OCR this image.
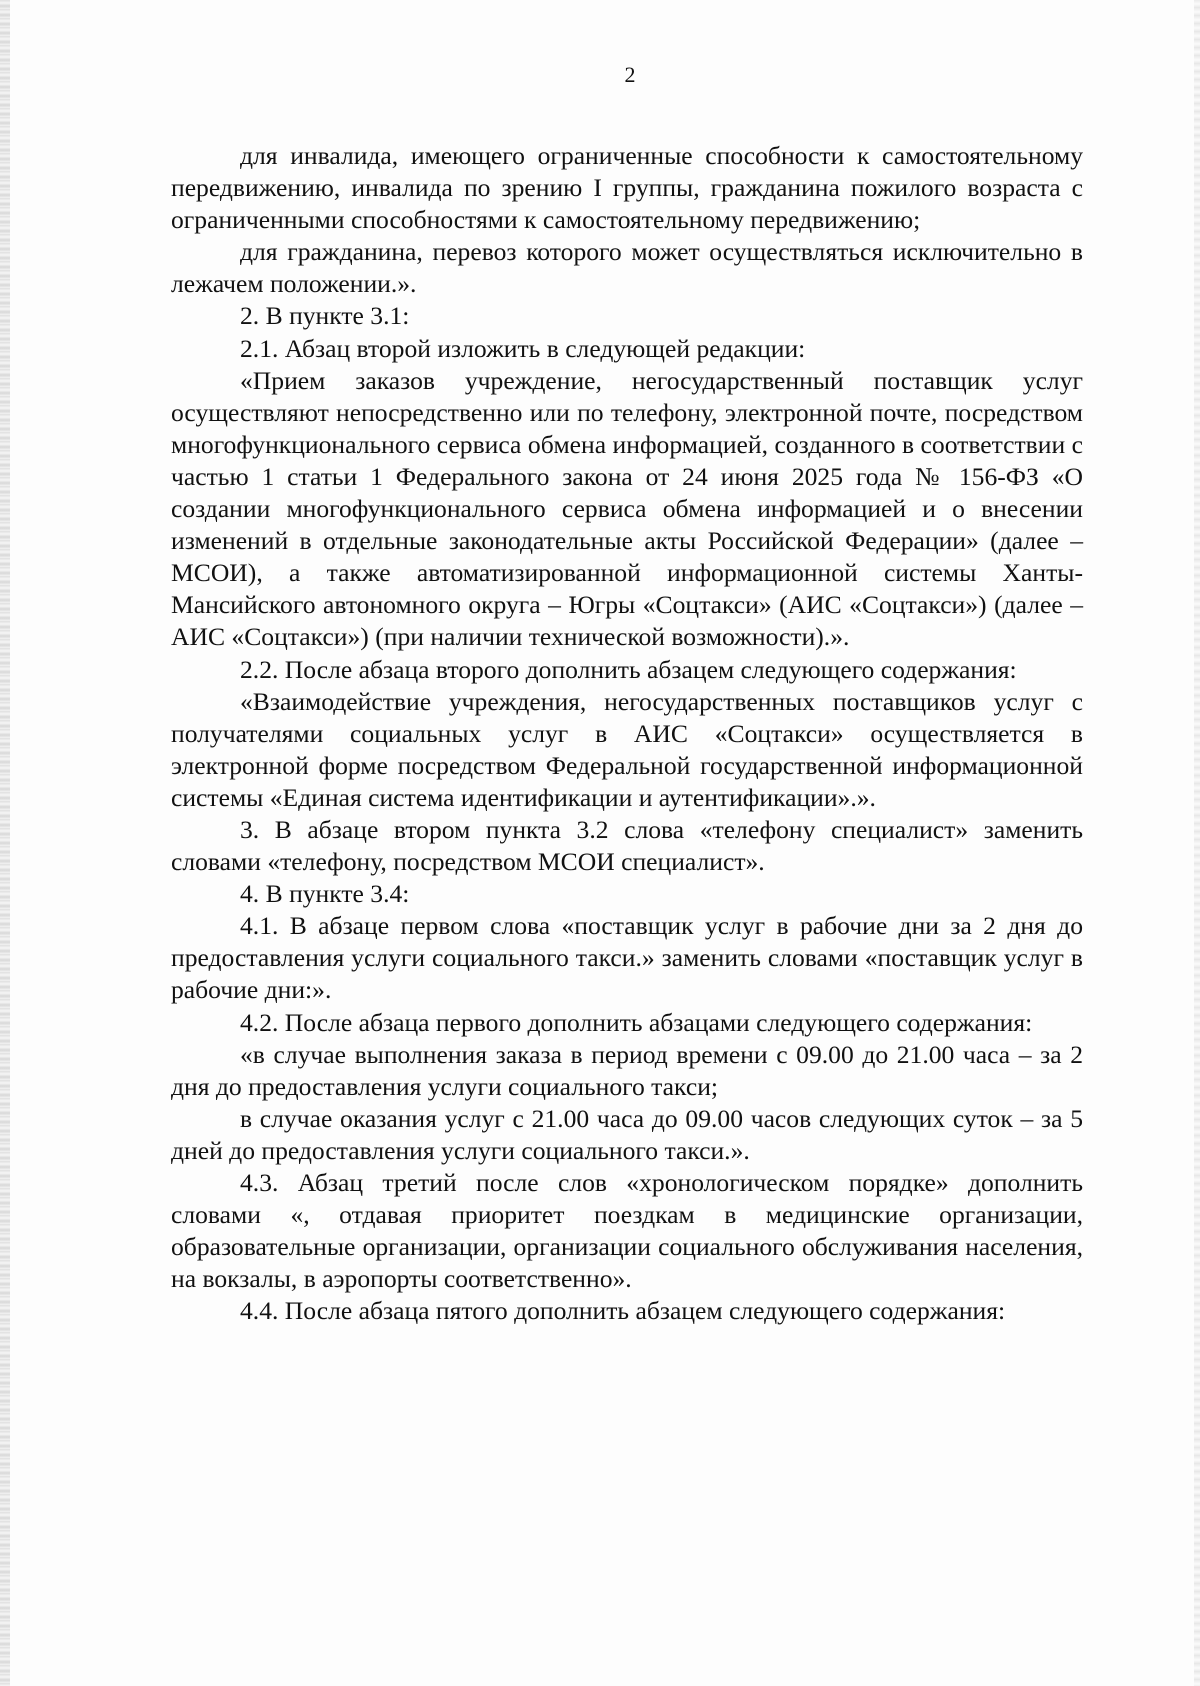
2

для инвалида, имеющего ограниченные способности к самостоятельному передвижению, инвалида по зрению I группы, гражданина пожилого возраста с ограниченными способностями к самостоятельному передвижению;

для гражданина, перевоз которого может осуществляться исключительно в лежачем положении.».

2. В пункте 3.1:

2.1. Абзац второй изложить в следующей редакции:

«Прием заказов учреждение, негосударственный поставщик услуг осуществляют непосредственно или по телефону, электронной почте, посредством многофункционального сервиса обмена информацией, созданного в соответствии с частью 1 статьи 1 Федерального закона от 24 июня 2025 года № 156-ФЗ «О создании многофункционального сервиса обмена информацией и о внесении изменений в отдельные законодательные акты Российской Федерации» (далее – МСОИ), а также автоматизированной информационной системы Ханты-Мансийского автономного округа – Югры «Соцтакси» (АИС «Соцтакси») (далее – АИС «Соцтакси») (при наличии технической возможности).».

2.2. После абзаца второго дополнить абзацем следующего содержания:

«Взаимодействие учреждения, негосударственных поставщиков услуг с получателями социальных услуг в АИС «Соцтакси» осуществляется в электронной форме посредством Федеральной государственной информационной системы «Единая система идентификации и аутентификации».».

3. В абзаце втором пункта 3.2 слова «телефону специалист» заменить словами «телефону, посредством МСОИ специалист».

4. В пункте 3.4:

4.1. В абзаце первом слова «поставщик услуг в рабочие дни за 2 дня до предоставления услуги социального такси.» заменить словами «поставщик услуг в рабочие дни:».

4.2. После абзаца первого дополнить абзацами следующего содержания:

«в случае выполнения заказа в период времени с 09.00 до 21.00 часа – за 2 дня до предоставления услуги социального такси;

в случае оказания услуг с 21.00 часа до 09.00 часов следующих суток – за 5 дней до предоставления услуги социального такси.».

4.3. Абзац третий после слов «хронологическом порядке» дополнить словами «, отдавая приоритет поездкам в медицинские организации, образовательные организации, организации социального обслуживания населения, на вокзалы, в аэропорты соответственно».

4.4. После абзаца пятого дополнить абзацем следующего содержания:
